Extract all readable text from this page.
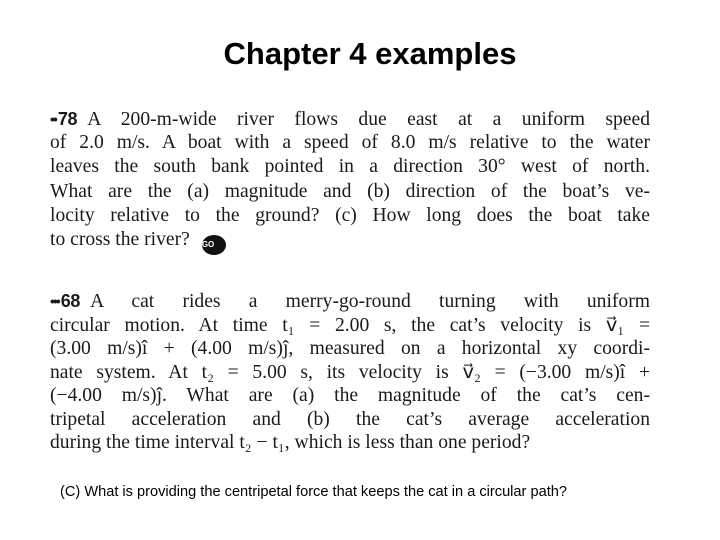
Chapter 4 examples
•• 78 A 200-m-wide river flows due east at a uniform speed
of 2.0 m/s. A boat with a speed of 8.0 m/s relative to the water
leaves the south bank pointed in a direction 30° west of north.
What are the (a) magnitude and (b) direction of the boat’s ve-
locity relative to the ground? (c) How long does the boat take
to cross the river? GO
••• 68 A cat rides a merry-go-round turning with uniform
circular motion. At time t₁ = 2.00 s, the cat’s velocity is v⃗₁ =
(3.00 m/s)î + (4.00 m/s)ĵ, measured on a horizontal xy coordi-
nate system. At t₂ = 5.00 s, its velocity is v⃗₂ = (−3.00 m/s)î +
(−4.00 m/s)ĵ. What are (a) the magnitude of the cat’s cen-
tripetal acceleration and (b) the cat’s average acceleration
during the time interval t₂ − t₁, which is less than one period?
(C) What is providing the centripetal force that keeps the cat in a circular path?
